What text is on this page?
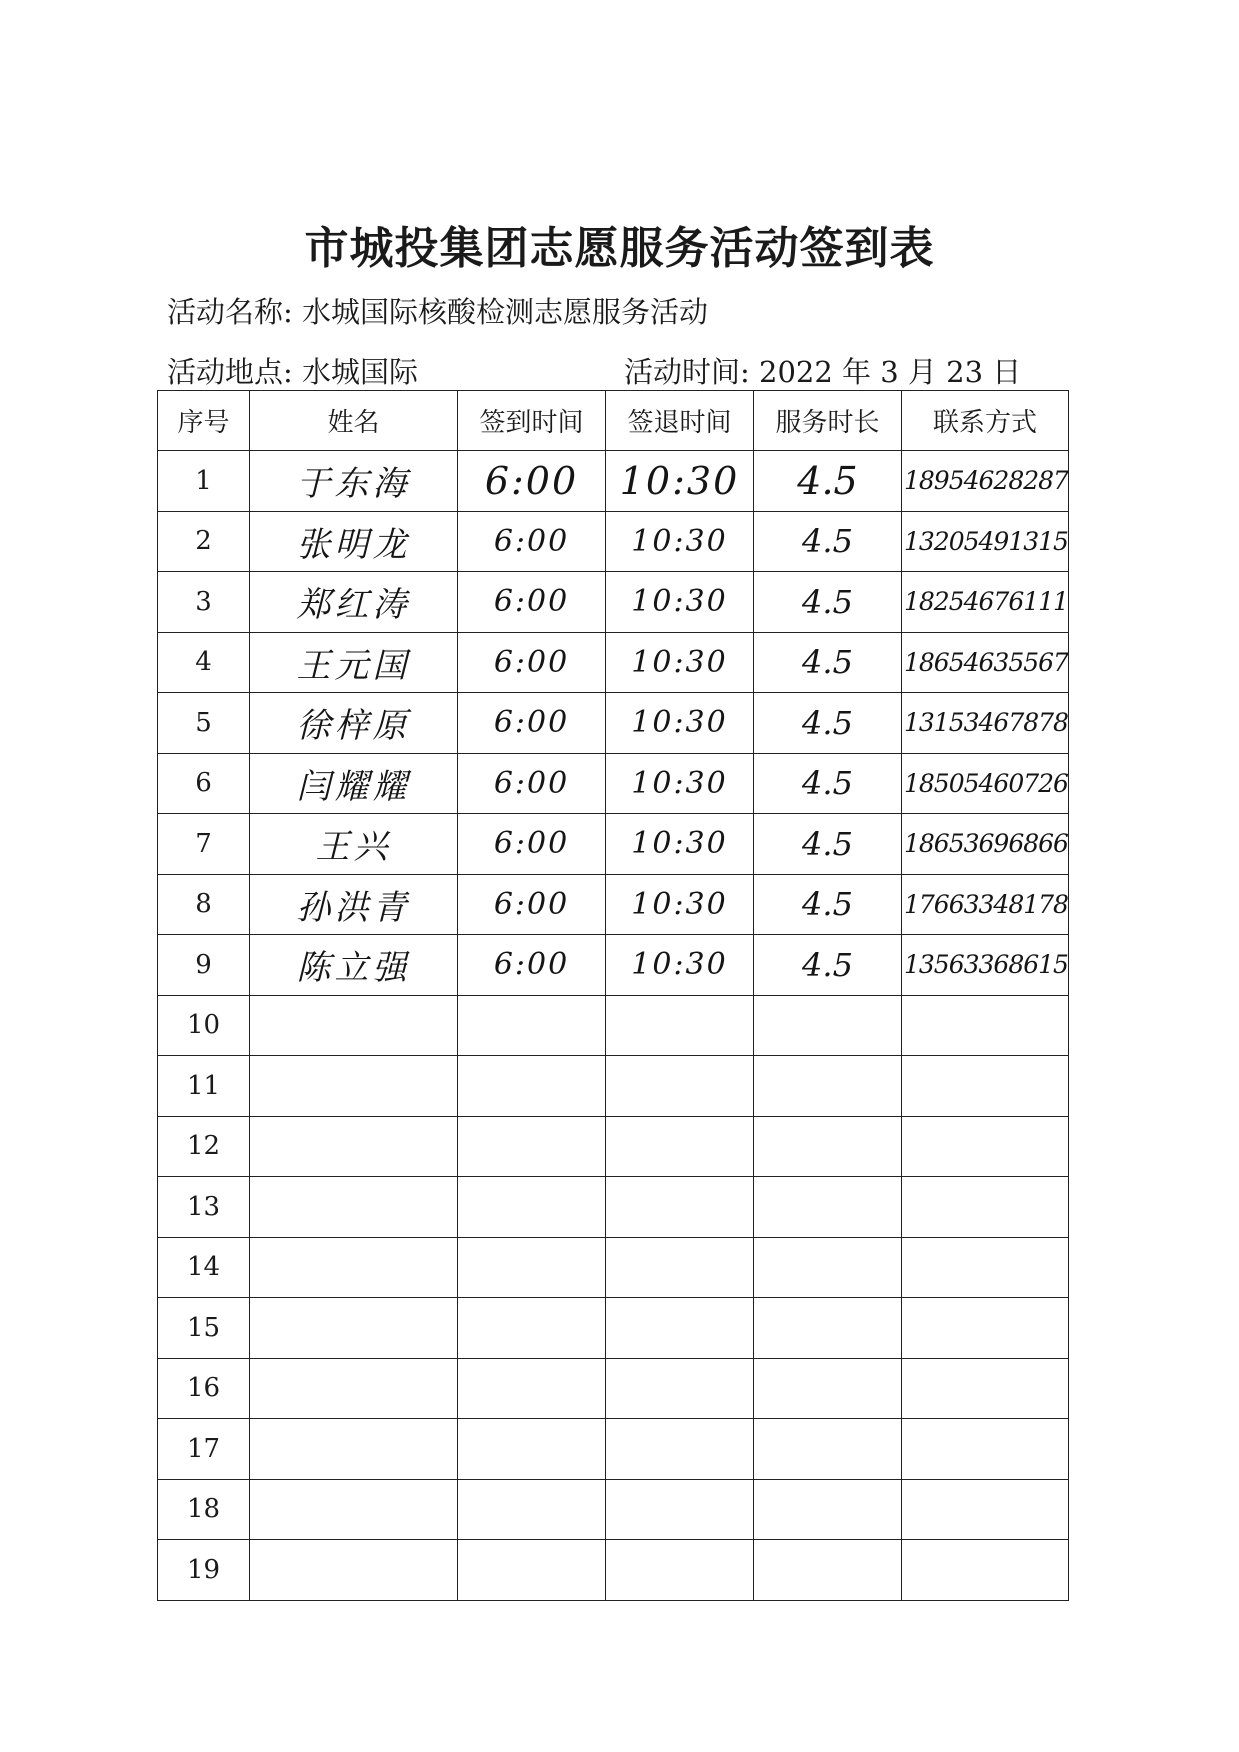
市城投集团志愿服务活动签到表
活动名称: 水城国际核酸检测志愿服务活动
活动地点: 水城国际	活动时间: 2022 年 3 月 23 日
序号	姓名	签到时间	签退时间	服务时长	联系方式
1	于东海	6:00	10:30	4.5	18954628287
2	张明龙	6:00	10:30	4.5	13205491315
3	郑红涛	6:00	10:30	4.5	18254676111
4	王元国	6:00	10:30	4.5	18654635567
5	徐梓原	6:00	10:30	4.5	13153467878
6	闫耀耀	6:00	10:30	4.5	18505460726
7	王兴	6:00	10:30	4.5	18653696866
8	孙洪青	6:00	10:30	4.5	17663348178
9	陈立强	6:00	10:30	4.5	13563368615
10					
11					
12					
13					
14					
15					
16					
17					
18					
19					
